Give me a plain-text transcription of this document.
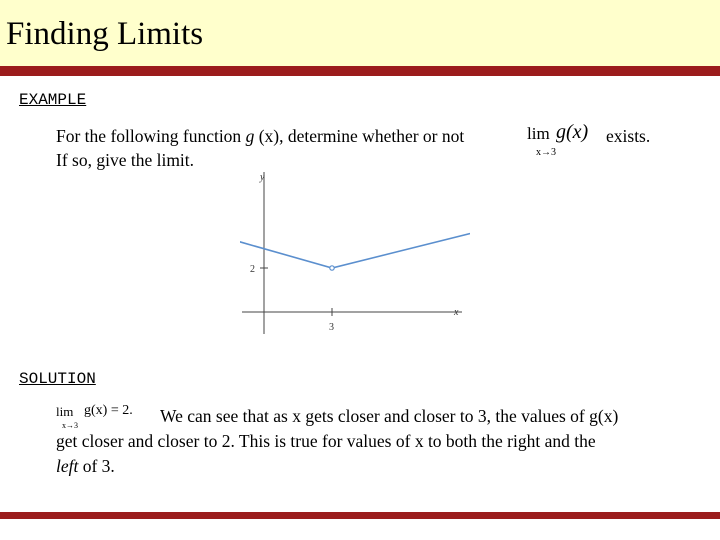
Finding Limits
EXAMPLE
For the following function g (x), determine whether or not	lim
x→3
g(x) exists.
If so, give the limit.
y
x
2
3
SOLUTION
lim
x→3
g(x) = 2. We can see that as x gets closer and closer to 3, the values of g(x)
get closer and closer to 2. This is true for values of x to both the right and the
left of 3.
